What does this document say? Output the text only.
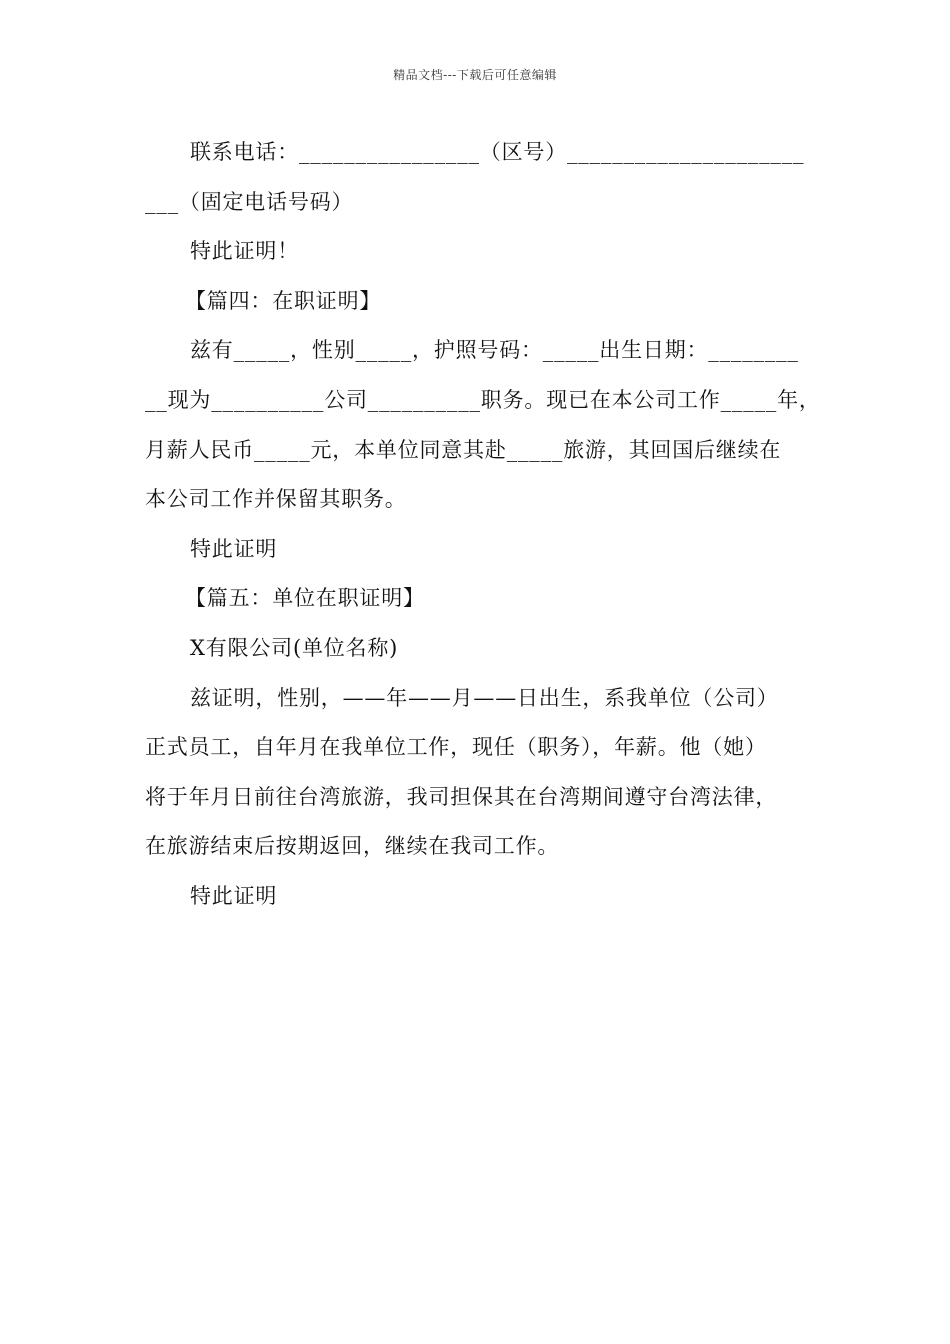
精品文档---下载后可任意编辑
联系电话：________________（区号）_____________________
___（固定电话号码）
特此证明！
【篇四：在职证明】
兹有_____，性别_____，护照号码：_____出生日期：________
__现为__________公司__________职务。现已在本公司工作_____年，
月薪人民币_____元，本单位同意其赴_____旅游，其回国后继续在
本公司工作并保留其职务。
特此证明
【篇五：单位在职证明】
X有限公司(单位名称)
兹证明，性别，——年——月——日出生，系我单位（公司）
正式员工，自年月在我单位工作，现任（职务），年薪。他（她）
将于年月日前往台湾旅游，我司担保其在台湾期间遵守台湾法律，
在旅游结束后按期返回，继续在我司工作。
特此证明
